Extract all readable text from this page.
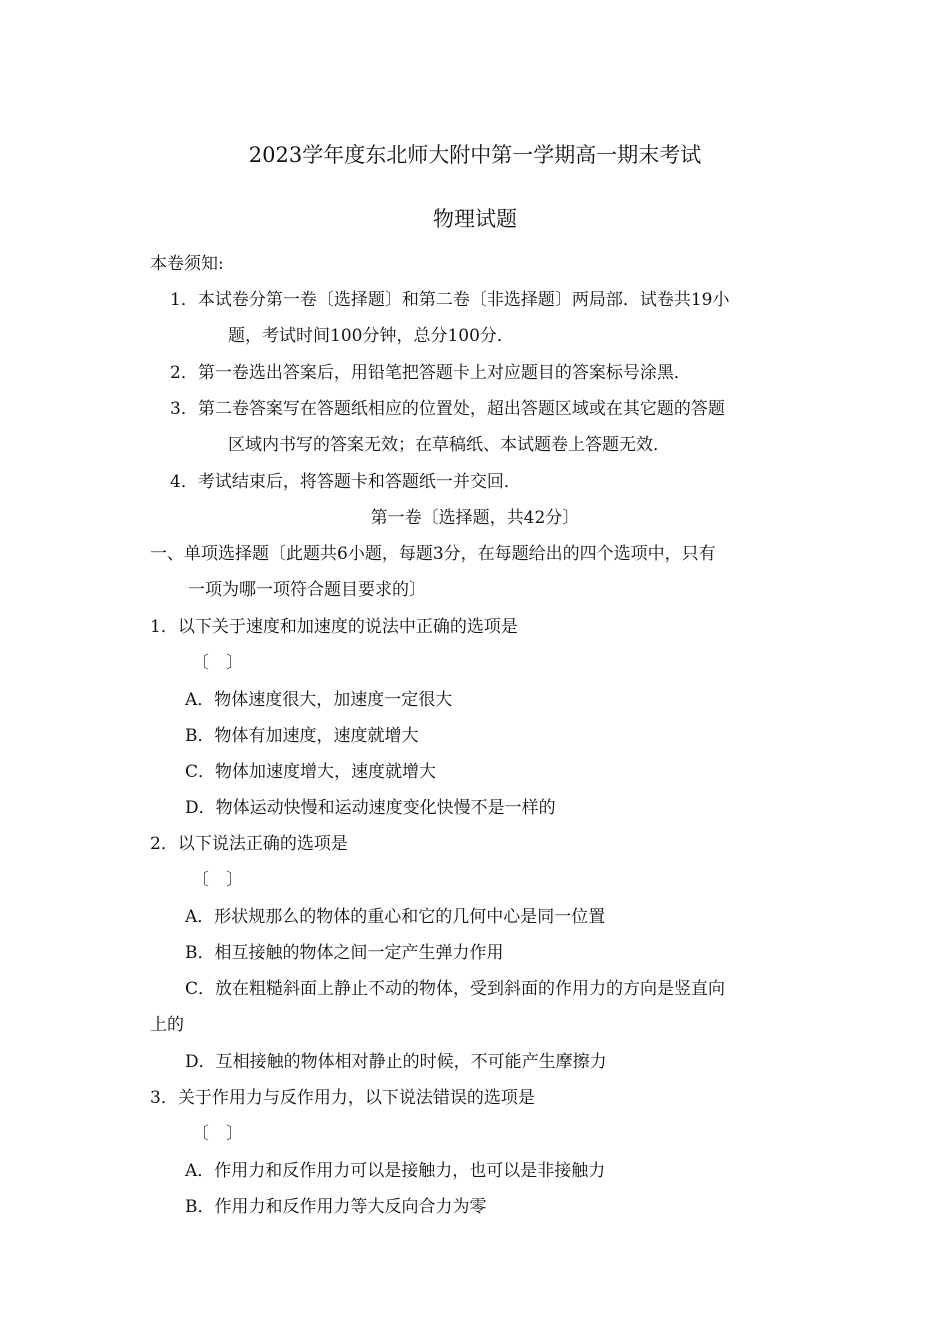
2023学年度东北师大附中第一学期高一期末考试
物理试题
本卷须知:
1．本试卷分第一卷〔选择题〕和第二卷〔非选择题〕两局部．试卷共19小
题，考试时间100分钟，总分100分．
2．第一卷选出答案后，用铅笔把答题卡上对应题目的答案标号涂黑．
3．第二卷答案写在答题纸相应的位置处，超出答题区域或在其它题的答题
区域内书写的答案无效；在草稿纸、本试题卷上答题无效．
4．考试结束后，将答题卡和答题纸一并交回．
第一卷〔选择题，共42分〕
一、单项选择题〔此题共6小题，每题3分，在每题给出的四个选项中，只有
一项为哪一项符合题目要求的〕
1．以下关于速度和加速度的说法中正确的选项是
〔　〕
A．物体速度很大，加速度一定很大
B．物体有加速度，速度就增大
C．物体加速度增大，速度就增大
D．物体运动快慢和运动速度变化快慢不是一样的
2．以下说法正确的选项是
〔　〕
A．形状规那么的物体的重心和它的几何中心是同一位置
B．相互接触的物体之间一定产生弹力作用
C．放在粗糙斜面上静止不动的物体，受到斜面的作用力的方向是竖直向
上的
D．互相接触的物体相对静止的时候，不可能产生摩擦力
3．关于作用力与反作用力，以下说法错误的选项是
〔　〕
A．作用力和反作用力可以是接触力，也可以是非接触力
B．作用力和反作用力等大反向合力为零
